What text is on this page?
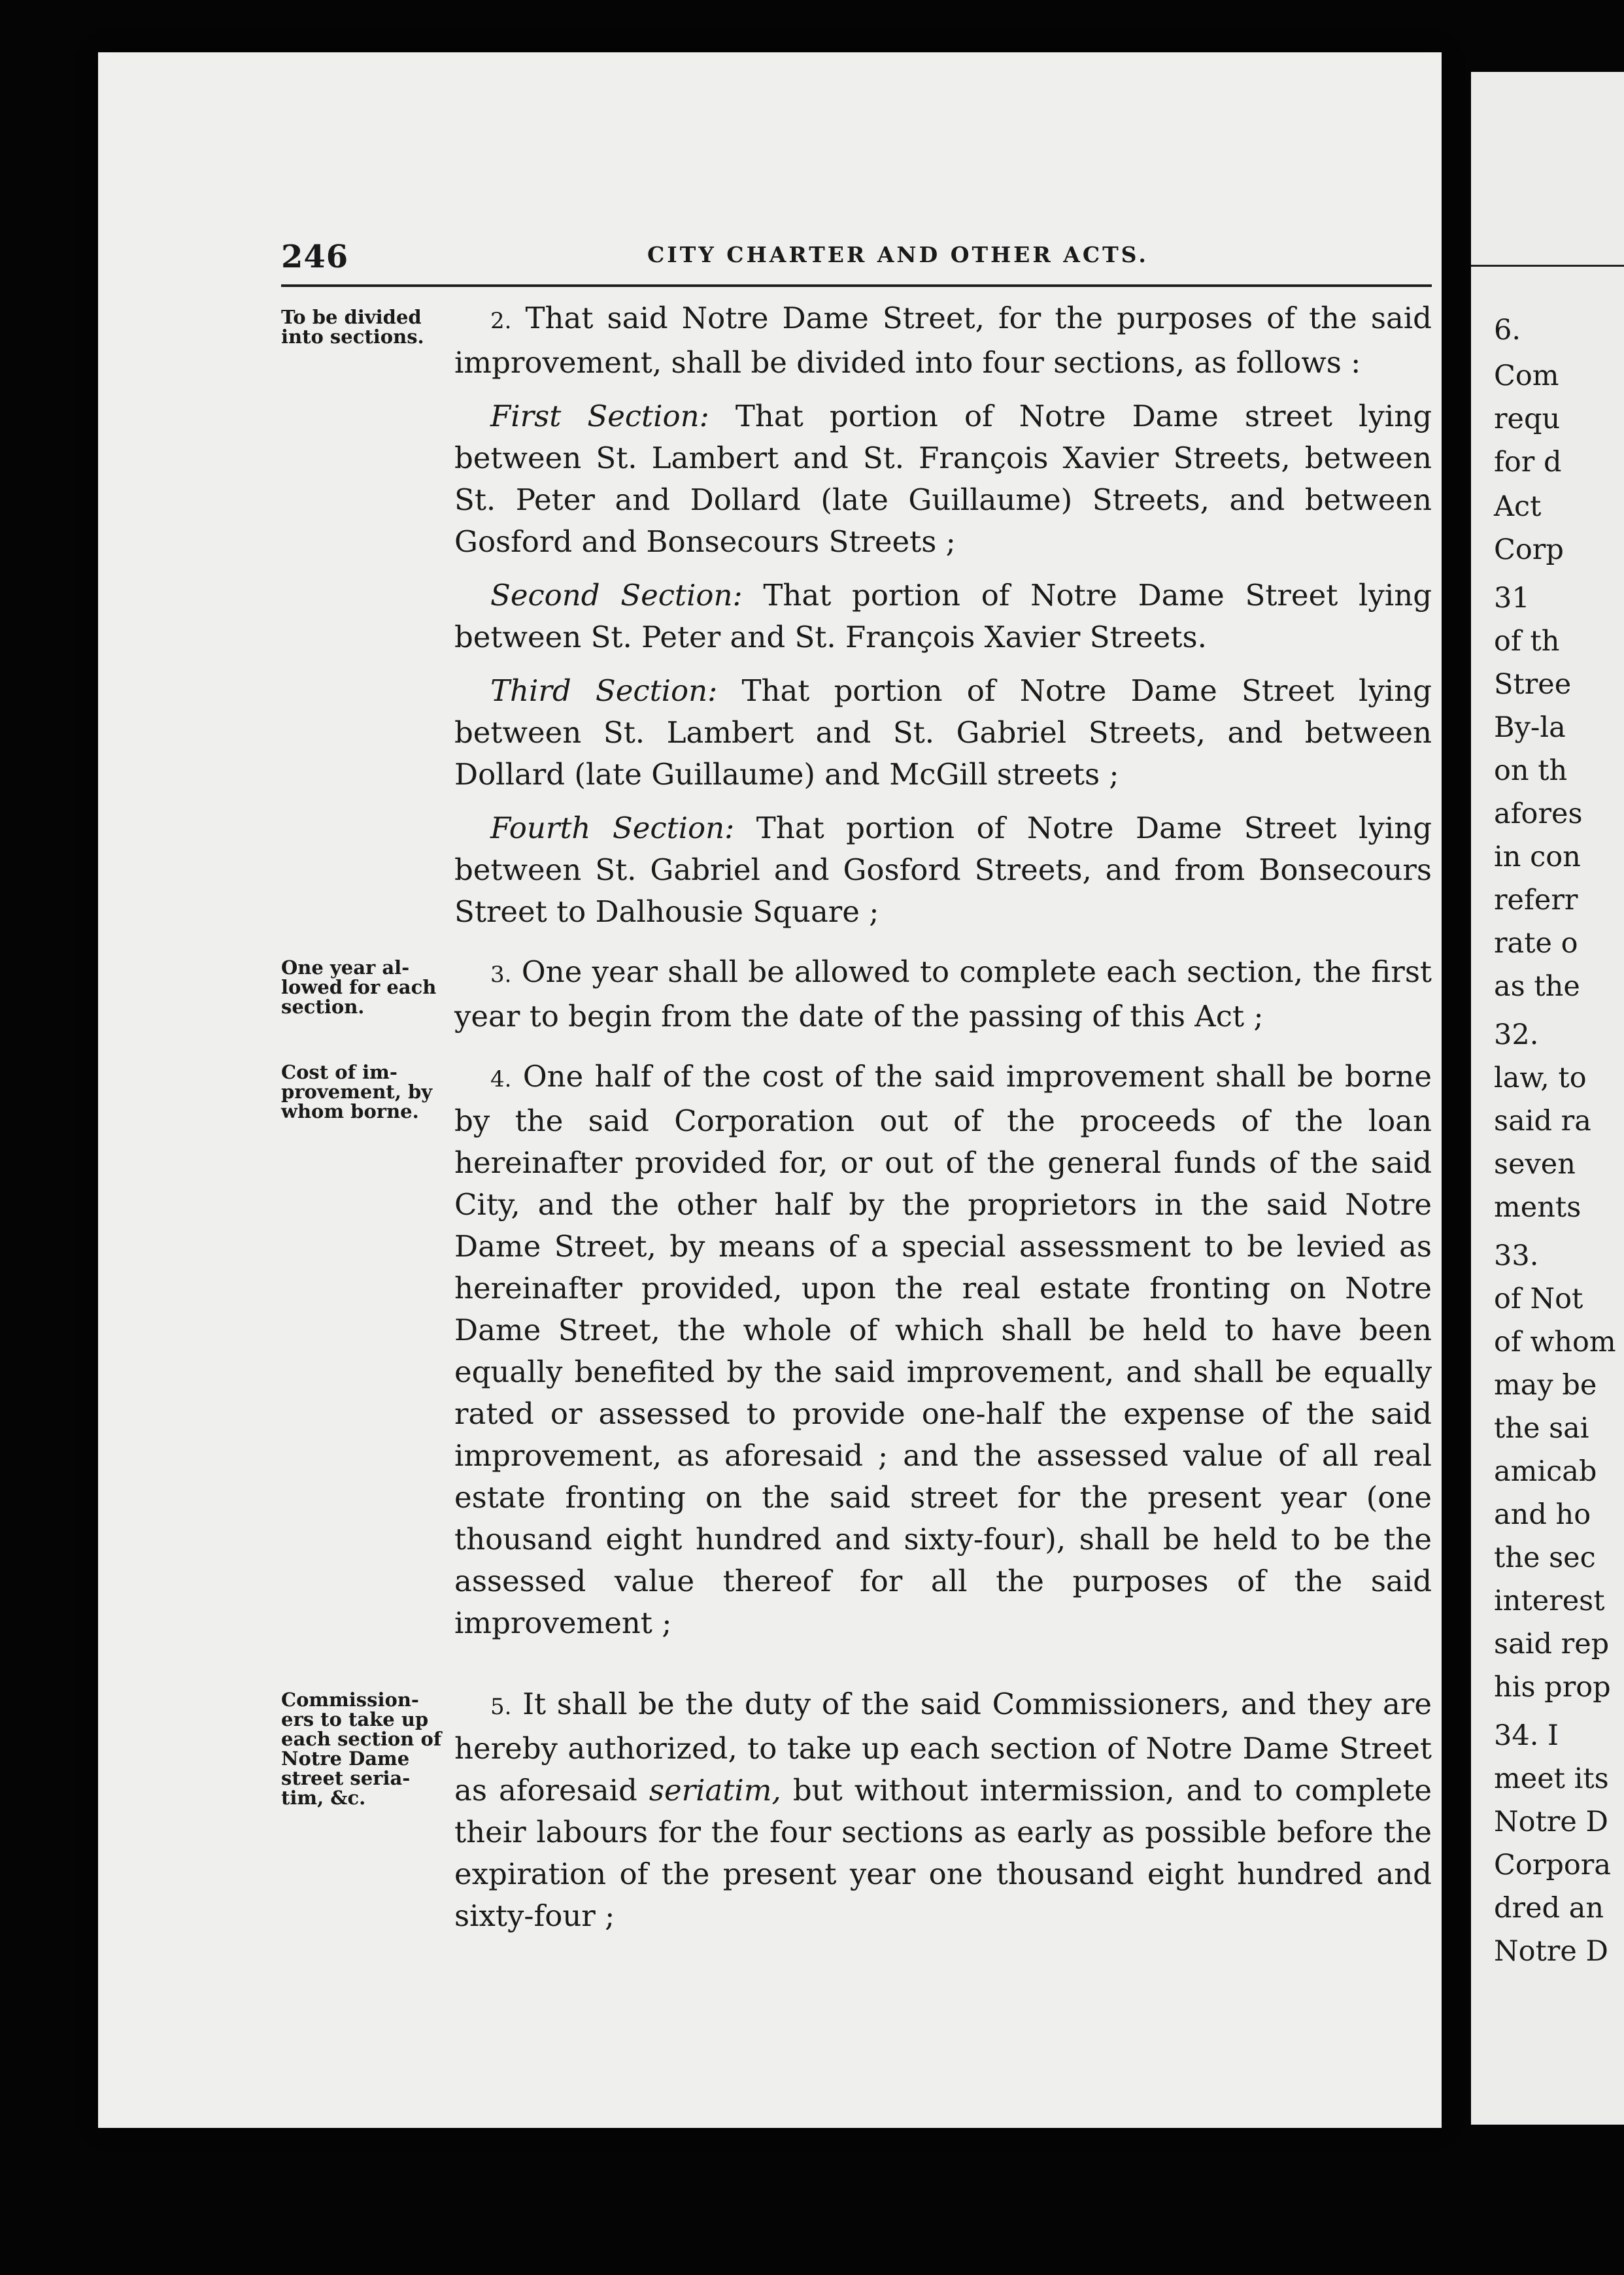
246	CITY CHARTER AND OTHER ACTS.
To be divided into sections.
One year al-lowed for each section.
Cost of im-provement, by whom borne.
Commission-ers to take up each section of Notre Dame street seria-tim, &c.

2. That said Notre Dame Street, for the purposes of the said improvement, shall be divided into four sections, as follows :

First Section: That portion of Notre Dame street lying between St. Lambert and St. François Xavier Streets, between St. Peter and Dollard (late Guillaume) Streets, and between Gosford and Bonsecours Streets ;

Second Section: That portion of Notre Dame Street lying between St. Peter and St. François Xavier Streets.

Third Section: That portion of Notre Dame Street lying between St. Lambert and St. Gabriel Streets, and between Dollard (late Guillaume) and McGill streets ;

Fourth Section: That portion of Notre Dame Street lying between St. Gabriel and Gosford Streets, and from Bonsecours Street to Dalhousie Square ;

3. One year shall be allowed to complete each section, the first year to begin from the date of the passing of this Act ;

4. One half of the cost of the said improvement shall be borne by the said Corporation out of the proceeds of the loan hereinafter provided for, or out of the general funds of the said City, and the other half by the proprietors in the said Notre Dame Street, by means of a special assessment to be levied as hereinafter provided, upon the real estate fronting on Notre Dame Street, the whole of which shall be held to have been equally benefited by the said improvement, and shall be equally rated or assessed to provide one-half the expense of the said improvement, as aforesaid ; and the assessed value of all real estate fronting on the said street for the present year (one thousand eight hundred and sixty-four), shall be held to be the assessed value thereof for all the purposes of the said improvement ;

5. It shall be the duty of the said Commissioners, and they are hereby authorized, to take up each section of Notre Dame Street as aforesaid seriatim, but without intermission, and to complete their labours for the four sections as early as possible before the expiration of the present year one thousand eight hundred and sixty-four ;

6.
Com
requ
for d
Act
Corp
31
of th
Stree
By-la
on th
afores
in con
referr
rate o
as the
32.
law, to
said ra
seven
ments
33.
of Not
of whom
may be
the sai
amicab
and ho
the sec
interest
said rep
his prop
34. I
meet its
Notre D
Corpora
dred an
Notre D
